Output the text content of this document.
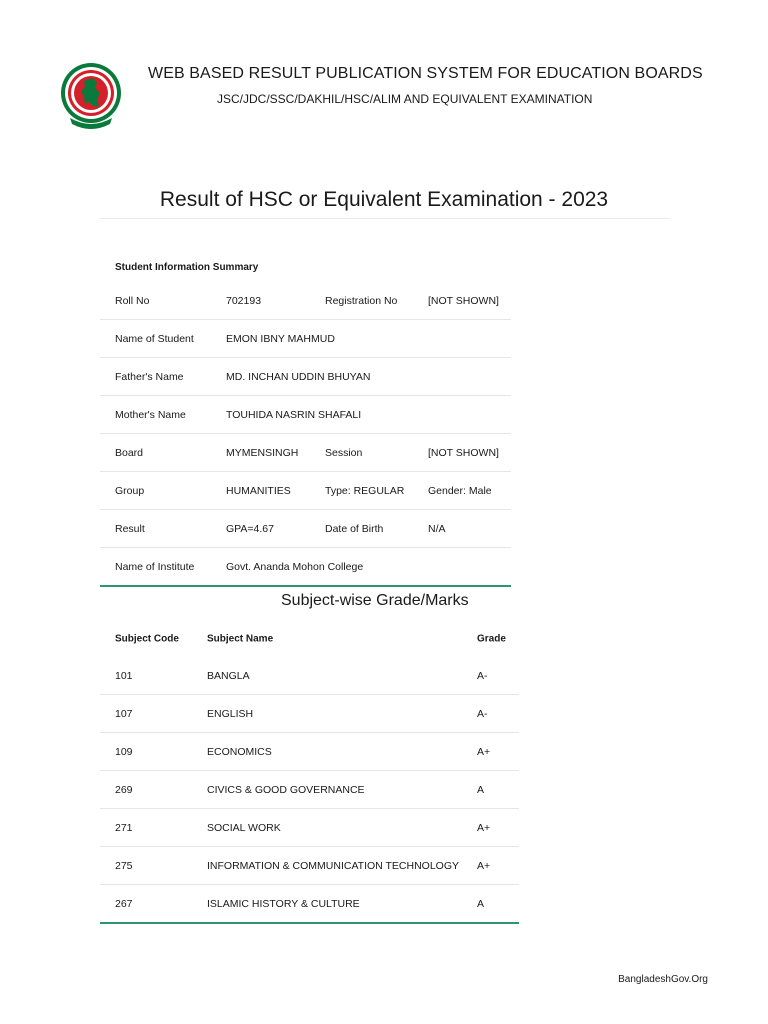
WEB BASED RESULT PUBLICATION SYSTEM FOR EDUCATION BOARDS
JSC/JDC/SSC/DAKHIL/HSC/ALIM AND EQUIVALENT EXAMINATION
Result of HSC or Equivalent Examination - 2023
Student Information Summary
Roll No	702193	Registration No	[NOT SHOWN]
Name of Student	EMON IBNY MAHMUD
Father's Name	MD. INCHAN UDDIN BHUYAN
Mother's Name	TOUHIDA NASRIN SHAFALI
Board	MYMENSINGH	Session	[NOT SHOWN]
Group	HUMANITIES	Type: REGULAR Gender: Male
Result	GPA=4.67	Date of Birth	N/A
Name of Institute	Govt. Ananda Mohon College
Subject-wise Grade/Marks
Subject Code	Subject Name	Grade
101	BANGLA	A-
107	ENGLISH	A-
109	ECONOMICS	A+
269	CIVICS & GOOD GOVERNANCE	A
271	SOCIAL WORK	A+
275	INFORMATION & COMMUNICATION TECHNOLOGY A+
267	ISLAMIC HISTORY & CULTURE	A
BangladeshGov.Org
